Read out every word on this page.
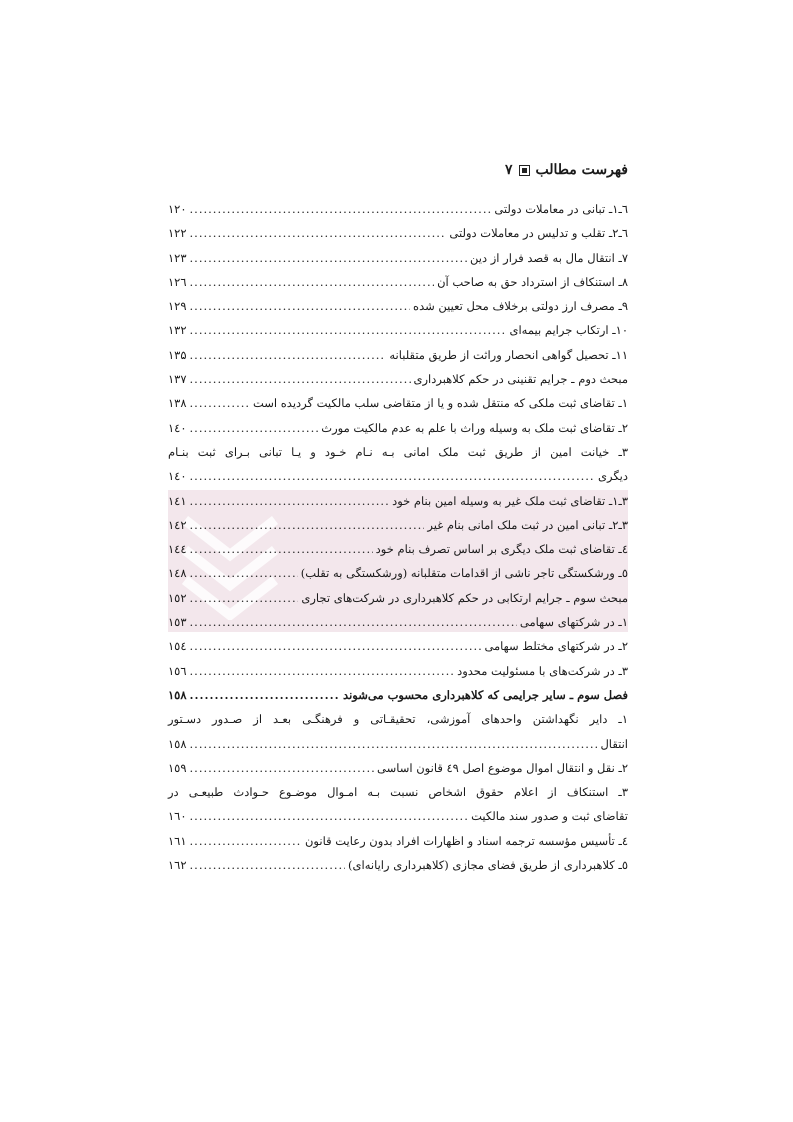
فهرست مطالب
۷
٦ـ١ـ تبانی در معاملات دولتی
.....
۱۲۰
٦ـ٢ـ تقلب و تدلیس در معاملات دولتی
.....
۱۲۲
۷ـ انتقال مال به قصد فرار از دین
.....
۱۲۳
۸ـ استنکاف از استرداد حق به صاحب آن
.....
۱۲٦
۹ـ مصرف ارز دولتی برخلاف محل تعیین شده
.....
۱۲۹
۱۰ـ ارتکاب جرایم بیمه‌ای
.....
۱۳۲
۱۱ـ تحصیل گواهی انحصار وراثت از طریق متقلبانه
.....
۱۳۵
مبحث دوم ـ جرایم تقنینی در حکم کلاهبرداری
.....
۱۳۷
۱ـ تقاضای ثبت ملکی که منتقل شده و یا از متقاضی سلب مالکیت گردیده است
.....
۱۳۸
۲ـ تقاضای ثبت ملک به وسیله وراث با علم به عدم مالکیت مورث
.....
۱٤۰
۳ـ خیانت امین از طریق ثبت ملک امانی بـه نـام خـود و یـا تبانی بـرای ثبت بنـام
دیگری
.....
۱٤۰
۳ـ۱ـ تقاضای ثبت ملک غیر به وسیله امین بنام خود
.....
۱٤۱
۳ـ۲ـ تبانی امین در ثبت ملک امانی بنام غیر
.....
۱٤۲
٤ـ تقاضای ثبت ملک دیگری بر اساس تصرف بنام خود
.....
۱٤٤
٥ـ ورشکستگی تاجر ناشی از اقدامات متقلبانه (ورشکستگی به تقلب)
.....
۱٤۸
مبحث سوم ـ جرایم ارتکابی در حکم کلاهبرداری در شرکت‌های تجاری
.....
۱٥۲
۱ـ در شرکتهای سهامی
.....
۱٥۳
۲ـ در شرکتهای مختلط سهامی
.....
۱٥٤
۳ـ در شرکت‌های با مسئولیت محدود
.....
۱٥٦
فصل سوم ـ سایر جرایمی که کلاهبرداری محسوب می‌شوند
.....
۱٥۸
۱ـ دایر نگهداشتن واحدهای آموزشی، تحقیقـاتی و فرهنگـی بعـد از صـدور دسـتور
انتقال
.....
۱٥۸
۲ـ نقل و انتقال اموال موضوع اصل ٤۹ قانون اساسی
.....
۱٥۹
۳ـ استنکاف از اعلام حقوق اشخاص نسبت بـه امـوال موضـوع حـوادث طبیعـی در
تقاضای ثبت و صدور سند مالکیت
.....
۱٦۰
٤ـ تأسیس مؤسسه ترجمه اسناد و اظهارات افراد بدون رعایت قانون
.....
۱٦۱
٥ـ کلاهبرداری از طریق فضای مجازی (کلاهبرداری رایانه‌ای)
.....
۱٦۲
